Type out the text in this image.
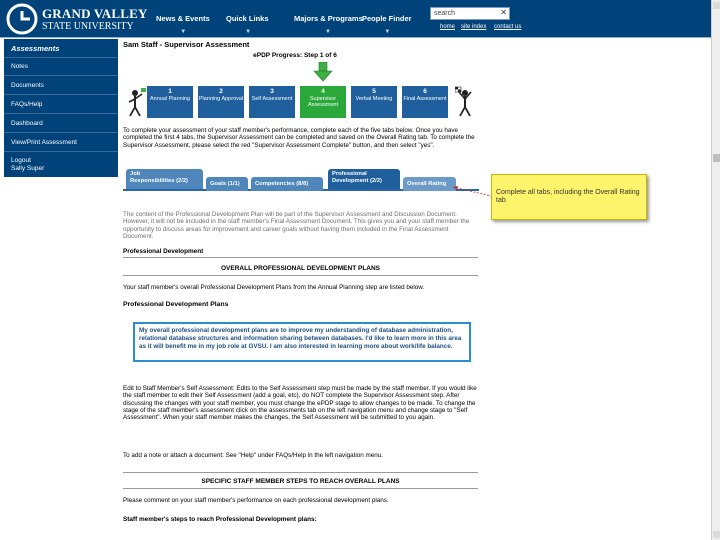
GRAND VALLEY
STATE UNIVERSITY
News & Events
▼
Quick Links
▼
Majors & Programs
▼
People Finder
▼
search	✕
home site index contact us
Assessments
Notes
Documents
FAQs/Help
Dashboard
View/Print Assessment
Logout
Sally Super
Sam Staff - Supervisor Assessment
ePDP Progress: Step 1 of 6
1
Annual Planning
2
Planning Approval
3
Self Assessment
4
Supervisor Assessment
5
Verbal Meeting
6
Final Assessment
To complete your assessment of your staff member's performance, complete each of the five tabs below. Once you have completed the first 4 tabs, the Supervisor Assessment can be completed and saved on the Overall Rating tab. To complete the Supervisor Assessment, please select the red "Supervisor Assessment Complete" button, and then select "yes".
Job
Responsibilities (2/2)
Goals (1/1)	Competencies (8/8)
Professional
Development (2/2)
Overall Rating
Complete all tabs, including the Overall Rating tab
The content of the Professional Development Plan will be part of the Supervisor Assessment and Discussion Document. However, it will not be included in the staff member's Final Assessment Document. This gives you and your staff member the opportunity to discuss areas for improvement and career goals without having them included in the Final Assessment Document.
Professional Development
OVERALL PROFESSIONAL DEVELOPMENT PLANS
Your staff member's overall Professional Development Plans from the Annual Planning step are listed below.
Professional Development Plans
My overall professional development plans are to improve my understanding of database administration, relational database structures and information sharing between databases. I'd like to learn more in this area as it will benefit me in my job role at GVSU. I am also interested in learning more about work/life balance.
Edit to Staff Member's Self Assessment: Edits to the Self Assessment step must be made by the staff member. If you would like the staff member to edit their Self Assessment (add a goal, etc), do NOT complete the Supervisor Assessment step. After discussing the changes with your staff member, you must change the ePDP stage to allow changes to be made. To change the stage of the staff member's assessment click on the assessments tab on the left navigation menu and change stage to "Self Assessment". When your staff member makes the changes, the Self Assessment will be submitted to you again.
To add a note or attach a document: See "Help" under FAQs/Help in the left navigation menu.
SPECIFIC STAFF MEMBER STEPS TO REACH OVERALL PLANS
Please comment on your staff member's performance on each professional development plans.
Staff member's steps to reach Professional Development plans:
